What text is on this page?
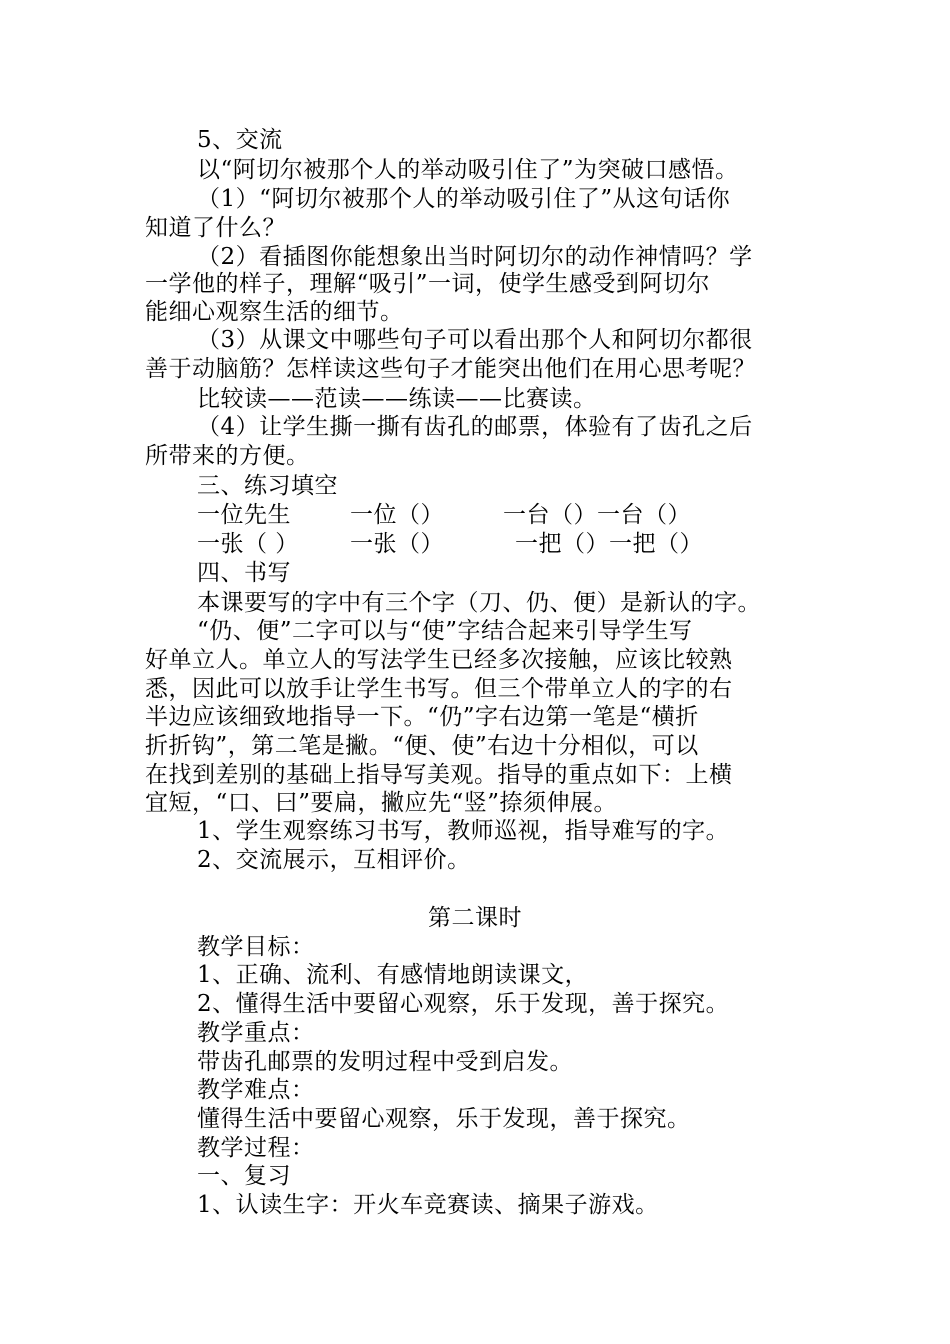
5、交流
以“阿切尔被那个人的举动吸引住了”为突破口感悟。
（1）“阿切尔被那个人的举动吸引住了”从这句话你
知道了什么？
（2）看插图你能想象出当时阿切尔的动作神情吗？学
一学他的样子，理解“吸引”一词，使学生感受到阿切尔
能细心观察生活的细节。
（3）从课文中哪些句子可以看出那个人和阿切尔都很
善于动脑筋？怎样读这些句子才能突出他们在用心思考呢？
比较读——范读——练读——比赛读。
（4）让学生撕一撕有齿孔的邮票，体验有了齿孔之后
所带来的方便。
三、练习填空
一位先生	一位（）	一台（）一台（）
一张（ ） 一张（）	一把（）一把（）
四、书写
本课要写的字中有三个字（刀、仍、便）是新认的字。
“仍、便”二字可以与“使”字结合起来引导学生写
好单立人。单立人的写法学生已经多次接触，应该比较熟
悉，因此可以放手让学生书写。但三个带单立人的字的右
半边应该细致地指导一下。“仍”字右边第一笔是“横折
折折钩”，第二笔是撇。“便、使”右边十分相似，可以
在找到差别的基础上指导写美观。指导的重点如下：上横
宜短，“口、曰”要扁，撇应先“竖”捺须伸展。
1、学生观察练习书写，教师巡视，指导难写的字。
2、交流展示，互相评价。
第二课时
教学目标：
1、正确、流利、有感情地朗读课文，
2、懂得生活中要留心观察，乐于发现，善于探究。
教学重点：
带齿孔邮票的发明过程中受到启发。
教学难点：
懂得生活中要留心观察，乐于发现，善于探究。
教学过程：
一、复习
1、认读生字：开火车竞赛读、摘果子游戏。
